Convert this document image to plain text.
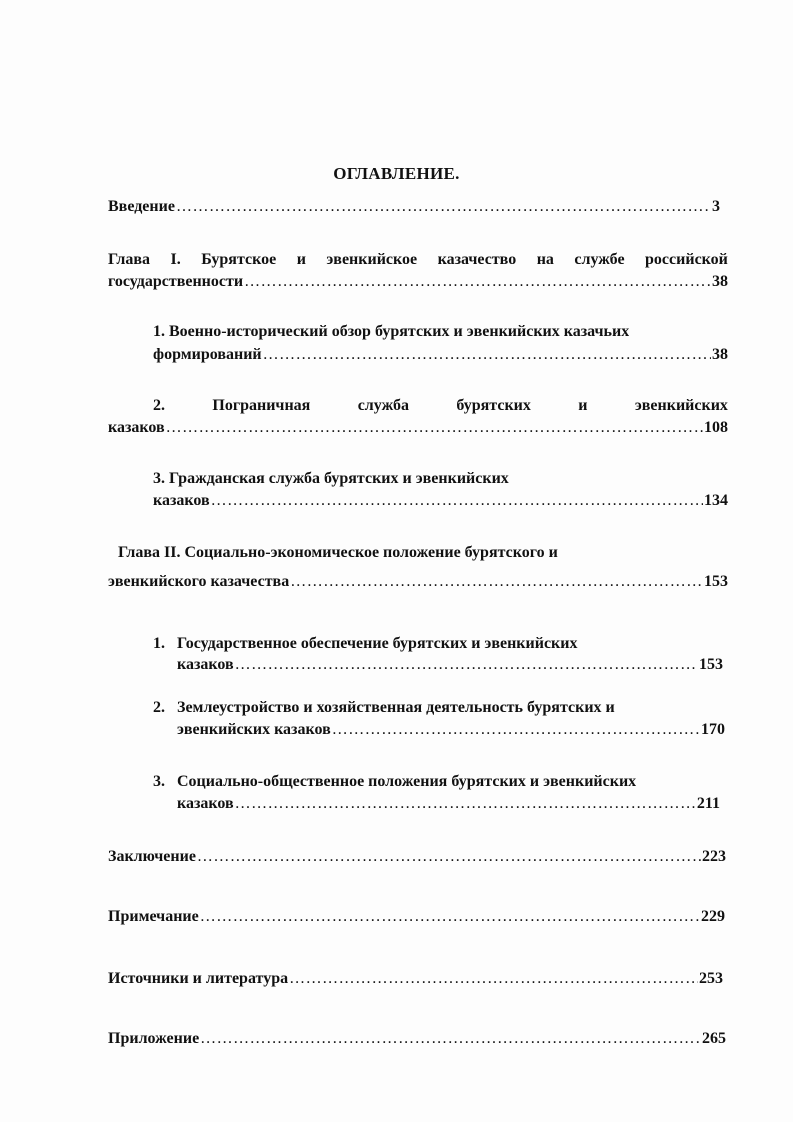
ОГЛАВЛЕНИЕ.
Введение ……………………………………………………………………………………………………………………………………………………………………………………………	3
Глава I. Бурятское и эвенкийское казачество на службе российской
государственности ……………………………………………………………………………………………………………………………………………………………………………………………	38
1. Военно-исторический обзор бурятских и эвенкийских казачьих
формирований ……………………………………………………………………………………………………………………………………………………………………………………………	38
2.	Пограничная	служба	бурятских	и	эвенкийских
казаков ……………………………………………………………………………………………………………………………………………………………………………………………	108
3. Гражданская служба бурятских и эвенкийских
казаков ……………………………………………………………………………………………………………………………………………………………………………………………	134
Глава II. Социально-экономическое положение бурятского и
эвенкийского казачества ……………………………………………………………………………………………………………………………………………………………………………………………	153
1. Государственное обеспечение бурятских и эвенкийских
казаков ……………………………………………………………………………………………………………………………………………………………………………………………	153
2. Землеустройство и хозяйственная деятельность бурятских и
эвенкийских казаков ……………………………………………………………………………………………………………………………………………………………………………………………	170
3. Социально-общественное положения бурятских и эвенкийских
казаков ……………………………………………………………………………………………………………………………………………………………………………………………	211
Заключение ……………………………………………………………………………………………………………………………………………………………………………………………	223
Примечание ……………………………………………………………………………………………………………………………………………………………………………………………	229
Источники и литература ……………………………………………………………………………………………………………………………………………………………………………………………	253
Приложение ……………………………………………………………………………………………………………………………………………………………………………………………	265
